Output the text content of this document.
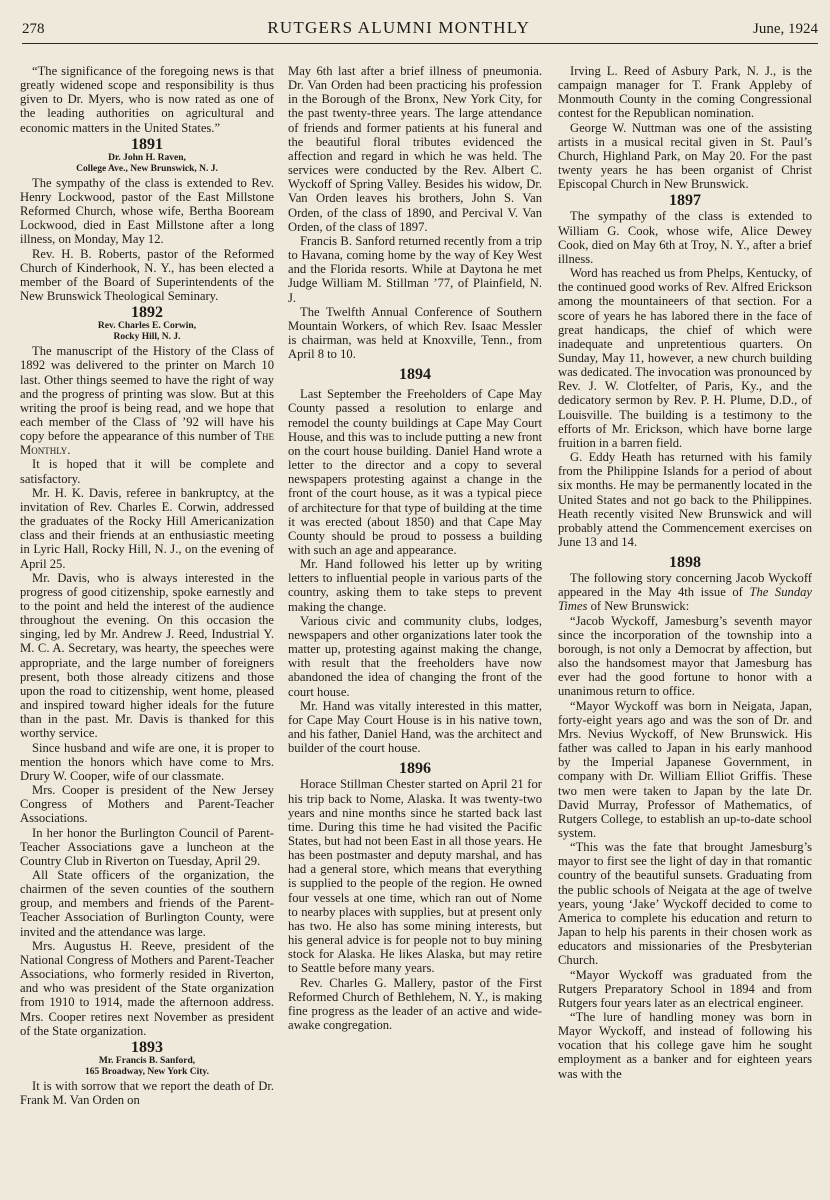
278	RUTGERS ALUMNI MONTHLY	June, 1924

“The significance of the foregoing news is that greatly widened scope and responsibility is thus given to Dr. Myers, who is now rated as one of the leading authorities on agricultural and economic matters in the United States.”

1891
Dr. John H. Raven,
College Ave., New Brunswick, N. J.

The sympathy of the class is extended to Rev. Henry Lockwood, pastor of the East Millstone Reformed Church, whose wife, Bertha Booream Lockwood, died in East Millstone after a long illness, on Monday, May 12.

Rev. H. B. Roberts, pastor of the Reformed Church of Kinderhook, N. Y., has been elected a member of the Board of Superintendents of the New Brunswick Theological Seminary.

1892
Rev. Charles E. Corwin,
Rocky Hill, N. J.

The manuscript of the History of the Class of 1892 was delivered to the printer on March 10 last. Other things seemed to have the right of way and the progress of printing was slow. But at this writing the proof is being read, and we hope that each member of the Class of ’92 will have his copy before the appearance of this number of The Monthly.

It is hoped that it will be complete and satisfactory.

Mr. H. K. Davis, referee in bankruptcy, at the invitation of Rev. Charles E. Corwin, addressed the graduates of the Rocky Hill Americanization class and their friends at an enthusiastic meeting in Lyric Hall, Rocky Hill, N. J., on the evening of April 25.

Mr. Davis, who is always interested in the progress of good citizenship, spoke earnestly and to the point and held the interest of the audience throughout the evening. On this occasion the singing, led by Mr. Andrew J. Reed, Industrial Y. M. C. A. Secretary, was hearty, the speeches were appropriate, and the large number of foreigners present, both those already citizens and those upon the road to citizenship, went home, pleased and inspired toward higher ideals for the future than in the past. Mr. Davis is thanked for this worthy service.

Since husband and wife are one, it is proper to mention the honors which have come to Mrs. Drury W. Cooper, wife of our classmate.

Mrs. Cooper is president of the New Jersey Congress of Mothers and Parent-Teacher Associations.

In her honor the Burlington Council of Parent-Teacher Associations gave a luncheon at the Country Club in Riverton on Tuesday, April 29.

All State officers of the organization, the chairmen of the seven counties of the southern group, and members and friends of the Parent-Teacher Association of Burlington County, were invited and the attendance was large.

Mrs. Augustus H. Reeve, president of the National Congress of Mothers and Parent-Teacher Associations, who formerly resided in Riverton, and who was president of the State organization from 1910 to 1914, made the afternoon address. Mrs. Cooper retires next November as president of the State organization.

1893
Mr. Francis B. Sanford,
165 Broadway, New York City.

It is with sorrow that we report the death of Dr. Frank M. Van Orden on

May 6th last after a brief illness of pneumonia. Dr. Van Orden had been practicing his profession in the Borough of the Bronx, New York City, for the past twenty-three years. The large attendance of friends and former patients at his funeral and the beautiful floral tributes evidenced the affection and regard in which he was held. The services were conducted by the Rev. Albert C. Wyckoff of Spring Valley. Besides his widow, Dr. Van Orden leaves his brothers, John S. Van Orden, of the class of 1890, and Percival V. Van Orden, of the class of 1897.

Francis B. Sanford returned recently from a trip to Havana, coming home by the way of Key West and the Florida resorts. While at Daytona he met Judge William M. Stillman ’77, of Plainfield, N. J.

The Twelfth Annual Conference of Southern Mountain Workers, of which Rev. Isaac Messler is chairman, was held at Knoxville, Tenn., from April 8 to 10.

1894

Last September the Freeholders of Cape May County passed a resolution to enlarge and remodel the county buildings at Cape May Court House, and this was to include putting a new front on the court house building. Daniel Hand wrote a letter to the director and a copy to several newspapers protesting against a change in the front of the court house, as it was a typical piece of architecture for that type of building at the time it was erected (about 1850) and that Cape May County should be proud to possess a building with such an age and appearance.

Mr. Hand followed his letter up by writing letters to influential people in various parts of the country, asking them to take steps to prevent making the change.

Various civic and community clubs, lodges, newspapers and other organizations later took the matter up, protesting against making the change, with result that the freeholders have now abandoned the idea of changing the front of the court house.

Mr. Hand was vitally interested in this matter, for Cape May Court House is in his native town, and his father, Daniel Hand, was the architect and builder of the court house.

1896

Horace Stillman Chester started on April 21 for his trip back to Nome, Alaska. It was twenty-two years and nine months since he started back last time. During this time he had visited the Pacific States, but had not been East in all those years. He has been postmaster and deputy marshal, and has had a general store, which means that everything is supplied to the people of the region. He owned four vessels at one time, which ran out of Nome to nearby places with supplies, but at present only has two. He also has some mining interests, but his general advice is for people not to buy mining stock for Alaska. He likes Alaska, but may retire to Seattle before many years.

Rev. Charles G. Mallery, pastor of the First Reformed Church of Bethlehem, N. Y., is making fine progress as the leader of an active and wide-awake congregation.

Irving L. Reed of Asbury Park, N. J., is the campaign manager for T. Frank Appleby of Monmouth County in the coming Congressional contest for the Republican nomination.

George W. Nuttman was one of the assisting artists in a musical recital given in St. Paul’s Church, Highland Park, on May 20. For the past twenty years he has been organist of Christ Episcopal Church in New Brunswick.

1897

The sympathy of the class is extended to William G. Cook, whose wife, Alice Dewey Cook, died on May 6th at Troy, N. Y., after a brief illness.

Word has reached us from Phelps, Kentucky, of the continued good works of Rev. Alfred Erickson among the mountaineers of that section. For a score of years he has labored there in the face of great handicaps, the chief of which were inadequate and unpretentious quarters. On Sunday, May 11, however, a new church building was dedicated. The invocation was pronounced by Rev. J. W. Clotfelter, of Paris, Ky., and the dedicatory sermon by Rev. P. H. Plume, D.D., of Louisville. The building is a testimony to the efforts of Mr. Erickson, which have borne large fruition in a barren field.

G. Eddy Heath has returned with his family from the Philippine Islands for a period of about six months. He may be permanently located in the United States and not go back to the Philippines. Heath recently visited New Brunswick and will probably attend the Commencement exercises on June 13 and 14.

1898

The following story concerning Jacob Wyckoff appeared in the May 4th issue of The Sunday Times of New Brunswick:

“Jacob Wyckoff, Jamesburg’s seventh mayor since the incorporation of the township into a borough, is not only a Democrat by affection, but also the handsomest mayor that Jamesburg has ever had the good fortune to honor with a unanimous return to office.

“Mayor Wyckoff was born in Neigata, Japan, forty-eight years ago and was the son of Dr. and Mrs. Nevius Wyckoff, of New Brunswick. His father was called to Japan in his early manhood by the Imperial Japanese Government, in company with Dr. William Elliot Griffis. These two men were taken to Japan by the late Dr. David Murray, Professor of Mathematics, of Rutgers College, to establish an up-to-date school system.

“This was the fate that brought Jamesburg’s mayor to first see the light of day in that romantic country of the beautiful sunsets. Graduating from the public schools of Neigata at the age of twelve years, young ‘Jake’ Wyckoff decided to come to America to complete his education and return to Japan to help his parents in their chosen work as educators and missionaries of the Presbyterian Church.

“Mayor Wyckoff was graduated from the Rutgers Preparatory School in 1894 and from Rutgers four years later as an electrical engineer.

“The lure of handling money was born in Mayor Wyckoff, and instead of following his vocation that his college gave him he sought employment as a banker and for eighteen years was with the
